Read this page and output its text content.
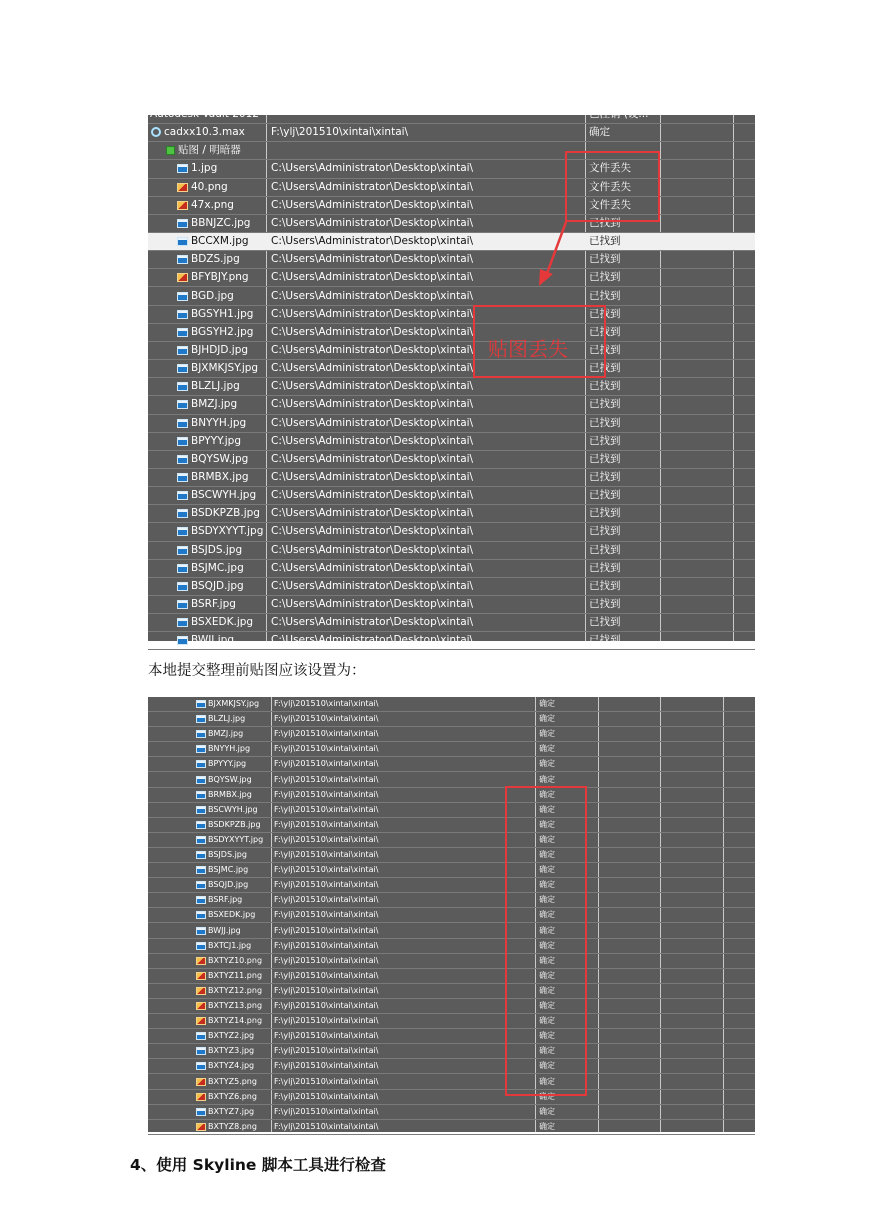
Autodesk Vault 2012	已注销 (设...
cadxx10.3.max F:\ylj\201510\xintai\xintai\	确定
贴图 / 明暗器
1.jpg	C:\Users\Administrator\Desktop\xintai\	文件丢失
40.png	C:\Users\Administrator\Desktop\xintai\	文件丢失
47x.png	C:\Users\Administrator\Desktop\xintai\	文件丢失
BBNJZC.jpg C:\Users\Administrator\Desktop\xintai\	已找到
BCCXM.jpg C:\Users\Administrator\Desktop\xintai\	已找到
BDZS.jpg	C:\Users\Administrator\Desktop\xintai\	已找到
BFYBJY.png C:\Users\Administrator\Desktop\xintai\	已找到
BGD.jpg	C:\Users\Administrator\Desktop\xintai\	已找到
BGSYH1.jpg C:\Users\Administrator\Desktop\xintai\	已找到
BGSYH2.jpg C:\Users\Administrator\Desktop\xintai\	已找到
BJHDJD.jpg C:\Users\Administrator\Desktop\xintai\	已找到
BJXMKJSY.jpg C:\Users\Administrator\Desktop\xintai\	已找到
BLZLJ.jpg	C:\Users\Administrator\Desktop\xintai\	已找到
BMZJ.jpg	C:\Users\Administrator\Desktop\xintai\	已找到
BNYYH.jpg C:\Users\Administrator\Desktop\xintai\	已找到
BPYYY.jpg	C:\Users\Administrator\Desktop\xintai\	已找到
BQYSW.jpg C:\Users\Administrator\Desktop\xintai\	已找到
BRMBX.jpg C:\Users\Administrator\Desktop\xintai\	已找到
BSCWYH.jpg C:\Users\Administrator\Desktop\xintai\	已找到
BSDKPZB.jpg C:\Users\Administrator\Desktop\xintai\	已找到
BSDYXYYT.jpg C:\Users\Administrator\Desktop\xintai\	已找到
BSJDS.jpg	C:\Users\Administrator\Desktop\xintai\	已找到
BSJMC.jpg	C:\Users\Administrator\Desktop\xintai\	已找到
BSQJD.jpg	C:\Users\Administrator\Desktop\xintai\	已找到
BSRF.jpg	C:\Users\Administrator\Desktop\xintai\	已找到
BSXEDK.jpg C:\Users\Administrator\Desktop\xintai\	已找到
BWJJ.jpg	C:\Users\Administrator\Desktop\xintai\	已找到
贴图丢失
本地提交整理前贴图应该设置为：
BJXMKJSY.jpg F:\ylj\201510\xintai\xintai\	确定
BLZLJ.jpg	F:\ylj\201510\xintai\xintai\	确定
BMZJ.jpg	F:\ylj\201510\xintai\xintai\	确定
BNYYH.jpg	F:\ylj\201510\xintai\xintai\	确定
BPYYY.jpg	F:\ylj\201510\xintai\xintai\	确定
BQYSW.jpg	F:\ylj\201510\xintai\xintai\	确定
BRMBX.jpg	F:\ylj\201510\xintai\xintai\	确定
BSCWYH.jpg F:\ylj\201510\xintai\xintai\	确定
BSDKPZB.jpg F:\ylj\201510\xintai\xintai\	确定
BSDYXYYT.jpg F:\ylj\201510\xintai\xintai\	确定
BSJDS.jpg	F:\ylj\201510\xintai\xintai\	确定
BSJMC.jpg	F:\ylj\201510\xintai\xintai\	确定
BSQJD.jpg	F:\ylj\201510\xintai\xintai\	确定
BSRF.jpg	F:\ylj\201510\xintai\xintai\	确定
BSXEDK.jpg F:\ylj\201510\xintai\xintai\	确定
BWJJ.jpg	F:\ylj\201510\xintai\xintai\	确定
BXTCJ1.jpg	F:\ylj\201510\xintai\xintai\	确定
BXTYZ10.png F:\ylj\201510\xintai\xintai\	确定
BXTYZ11.png F:\ylj\201510\xintai\xintai\	确定
BXTYZ12.png F:\ylj\201510\xintai\xintai\	确定
BXTYZ13.png F:\ylj\201510\xintai\xintai\	确定
BXTYZ14.png F:\ylj\201510\xintai\xintai\	确定
BXTYZ2.jpg F:\ylj\201510\xintai\xintai\	确定
BXTYZ3.jpg F:\ylj\201510\xintai\xintai\	确定
BXTYZ4.jpg F:\ylj\201510\xintai\xintai\	确定
BXTYZ5.png F:\ylj\201510\xintai\xintai\	确定
BXTYZ6.png F:\ylj\201510\xintai\xintai\	确定
BXTYZ7.jpg F:\ylj\201510\xintai\xintai\	确定
BXTYZ8.png F:\ylj\201510\xintai\xintai\	确定
4、使用 Skyline 脚本工具进行检查
